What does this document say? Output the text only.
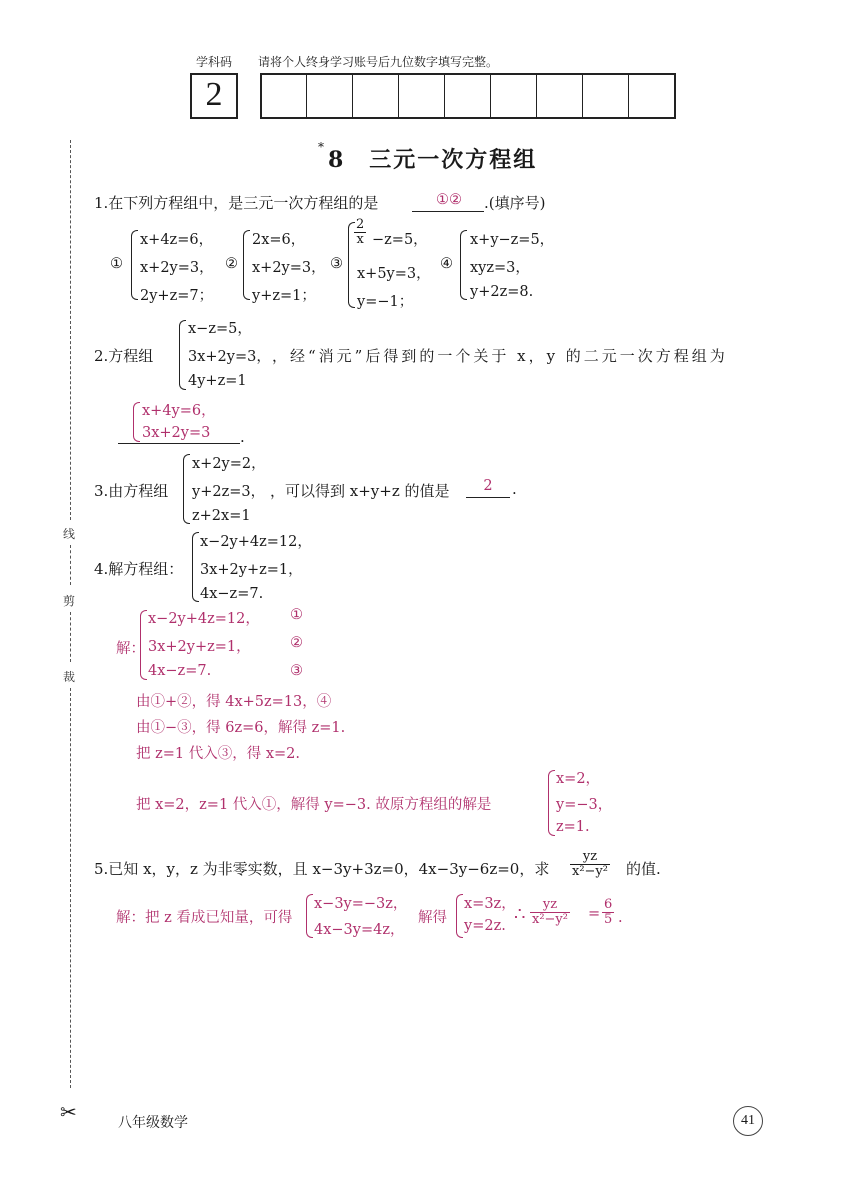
学科码 请将个人终身学习账号后九位数字填写完整。
2
* 8　三元一次方程组
线
剪
裁
✂
1.在下列方程组中，是三元一次方程组的是	①②	.(填序号)
①
x+4z=6，
x+2y=3，
2y+z=7；
②
2x=6，
x+2y=3，
y+z=1；
③
$\frac{2}{x} -z=5$，
x+5y=3，
y=−1；
④
x+y−z=5，
xyz=3，
y+2z=8.
2.方程组
x−z=5，
3x+2y=3，
4y+z=1
，经“消元”后得到的一个关于 x，y 的二元一次方程组为
x+4y=6，
3x+2y=3 .
3.由方程组
x+2y=2，
y+2z=3，
z+2x=1
，可以得到 x+y+z 的值是	2	.
4.解方程组：
x−2y+4z=12，
3x+2y+z=1，
4x−z=7.
解：
x−2y+4z=12，
3x+2y+z=1，
4x−z=7.
①
②
③
由①+②，得 4x+5z=13，④
由①−③，得 6z=6，解得 z=1.
把 z=1 代入③，得 x=2.
把 x=2，z=1 代入①，解得 y=−3. 故原方程组的解是
x=2，
y=−3，
z=1.
5.已知 x，y，z 为非零实数，且 x−3y+3z=0，4x−3y−6z=0，求 $\frac{yz}{\text{x²−y²}}$ 的值.
解：把 z 看成已知量，可得
x−3y=−3z，
4x−3y=4z，
解得
x=3z，
y=2z.
∴ $\frac{yz}{\text{x²−y²}} = \frac{6}{5}$ .
八年级数学	41
